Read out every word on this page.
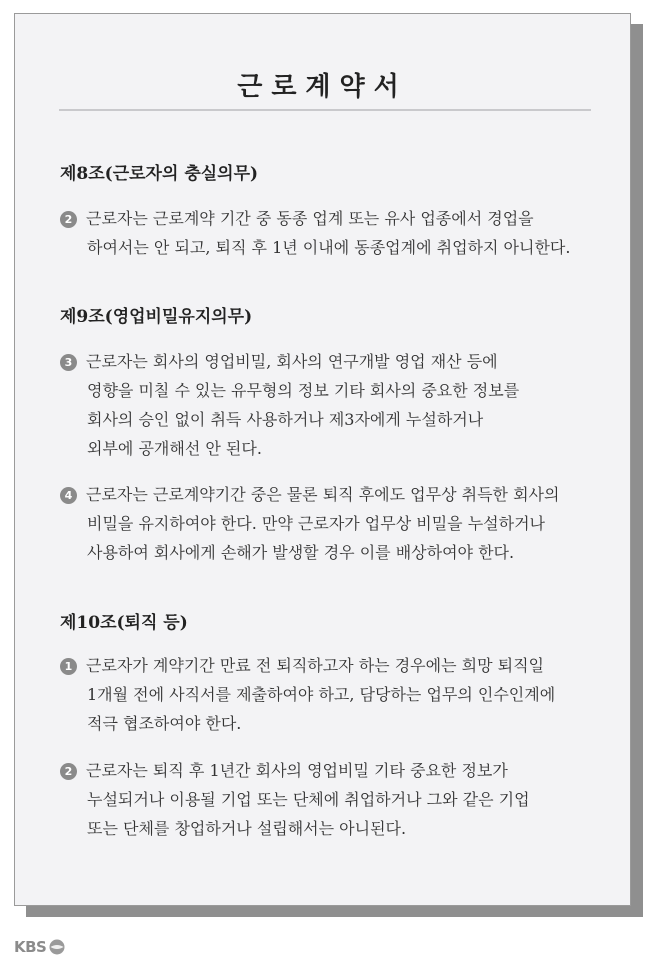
근로계약서
제8조(근로자의 충실의무)
2 근로자는 근로계약 기간 중 동종 업계 또는 유사 업종에서 경업을
하여서는 안 되고, 퇴직 후 1년 이내에 동종업계에 취업하지 아니한다.
제9조(영업비밀유지의무)
3 근로자는 회사의 영업비밀, 회사의 연구개발 영업 재산 등에
영향을 미칠 수 있는 유무형의 정보 기타 회사의 중요한 정보를
회사의 승인 없이 취득 사용하거나 제3자에게 누설하거나
외부에 공개해선 안 된다.
4 근로자는 근로계약기간 중은 물론 퇴직 후에도 업무상 취득한 회사의
비밀을 유지하여야 한다. 만약 근로자가 업무상 비밀을 누설하거나
사용하여 회사에게 손해가 발생할 경우 이를 배상하여야 한다.
제10조(퇴직 등)
1 근로자가 계약기간 만료 전 퇴직하고자 하는 경우에는 희망 퇴직일
1개월 전에 사직서를 제출하여야 하고, 담당하는 업무의 인수인계에
적극 협조하여야 한다.
2 근로자는 퇴직 후 1년간 회사의 영업비밀 기타 중요한 정보가
누설되거나 이용될 기업 또는 단체에 취업하거나 그와 같은 기업
또는 단체를 창업하거나 설립해서는 아니된다.
KBS
